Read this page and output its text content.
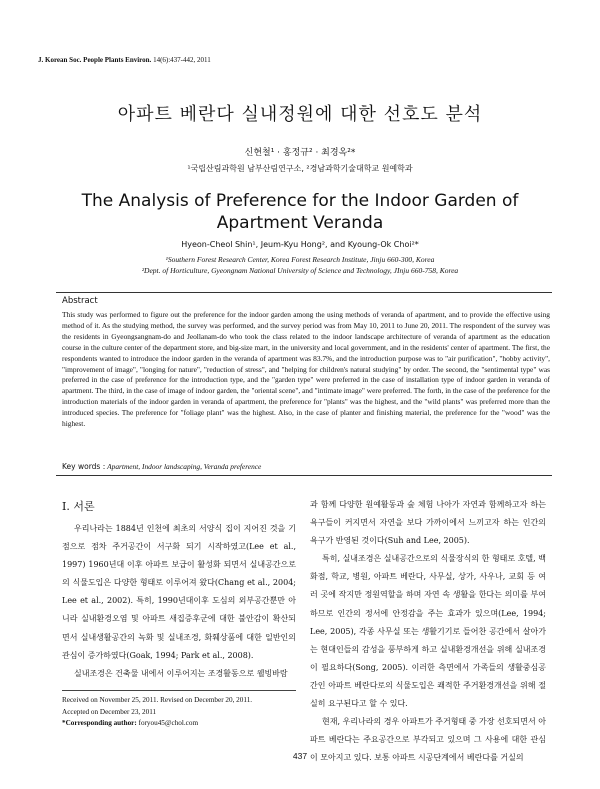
J. Korean Soc. People Plants Environ. 14(6):437-442, 2011
아파트 베란다 실내정원에 대한 선호도 분석
신현철¹ · 홍정규² · 최경옥²*
¹국립산림과학원 남부산림연구소, ²경남과학기술대학교 원예학과
The Analysis of Preference for the Indoor Garden of
Apartment Veranda
Hyeon-Cheol Shin¹, Jeum-Kyu Hong², and Kyoung-Ok Choi²*
¹Southern Forest Research Center, Korea Forest Research Institute, Jinju 660-300, Korea
²Dept. of Horticulture, Gyeongnam National University of Science and Technology, JInju 660-758, Korea
Abstract
This study was performed to figure out the preference for the indoor garden among the using methods of veranda of apartment, and to provide the effective using method of it. As the studying method, the survey was performed, and the survey period was from May 10, 2011 to June 20, 2011. The respondent of the survey was the residents in Gyeongsangnam-do and Jeollanam-do who took the class related to the indoor landscape architecture of veranda of apartment as the education course in the culture center of the department store, and big-size mart, in the university and local government, and in the residents' center of apartment. The first, the respondents wanted to introduce the indoor garden in the veranda of apartment was 83.7%, and the introduction purpose was to "air purification", "hobby activity", "improvement of image", "longing for nature", "reduction of stress", and "helping for children's natural studying" by order. The second, the "sentimental type" was preferred in the case of preference for the introduction type, and the "garden type" were preferred in the case of installation type of indoor garden in veranda of apartment. The third, in the case of image of indoor garden, the "oriental scene", and "intimate image" were preferred. The forth, in the case of the preference for the introduction materials of the indoor garden in veranda of apartment, the preference for "plants" was the highest, and the "wild plants" was preferred more than the introduced species. The preference for "foliage plant" was the highest. Also, in the case of planter and finishing material, the preference for the "wood" was the highest.
Key words : Apartment, Indoor landscaping, Veranda preference
Ⅰ. 서론

우리나라는 1884년 인천에 최초의 서양식 집이 지어진 것을 기점으로 점차 주거공간이 서구화 되기 시작하였고(Lee et al., 1997) 1960년대 이후 아파트 보급이 활성화 되면서 실내공간으로의 식물도입은 다양한 형태로 이루어져 왔다(Chang et al., 2004; Lee et al., 2002). 특히, 1990년대이후 도심의 외부공간뿐만 아니라 실내환경오염 및 아파트 새집증후군에 대한 불안감이 확산되면서 실내생활공간의 녹화 및 실내조경, 화훼상품에 대한 일반인의 관심이 증가하였다(Goak, 1994; Park et al., 2008).

실내조경은 건축물 내에서 이루어지는 조경활동으로 웰빙바람

과 함께 다양한 원예활동과 숲 체험 나아가 자연과 함께하고자 하는 욕구들이 커지면서 자연을 보다 가까이에서 느끼고자 하는 인간의 욕구가 반영된 것이다(Suh and Lee, 2005).

특히, 실내조경은 실내공간으로의 식물장식의 한 형태로 호텔, 백화점, 학교, 병원, 아파트 베란다, 사무실, 상가, 사우나, 교회 등 여러 곳에 작지만 정원역할을 하며 자연 속 생활을 한다는 의미를 부여하므로 인간의 정서에 안정감을 주는 효과가 있으며(Lee, 1994; Lee, 2005), 각종 사무실 또는 생활기기로 들어찬 공간에서 살아가는 현대인들의 감성을 풍부하게 하고 실내환경개선을 위해 실내조경이 필요하다(Song, 2005). 이러한 측면에서 가족들의 생활중심공간인 아파트 베란다로의 식물도입은 쾌적한 주거환경개선을 위해 절실히 요구된다고 할 수 있다.

현재, 우리나라의 경우 아파트가 주거형태 중 가장 선호되면서 아파트 베란다는 주요공간으로 부각되고 있으며 그 사용에 대한 관심이 모아지고 있다. 보통 아파트 시공단계에서 베란다를 거실의

Received on November 25, 2011. Revised on December 20, 2011.
Accepted on December 23, 2011
*Corresponding author: foryou45@chol.com
437
